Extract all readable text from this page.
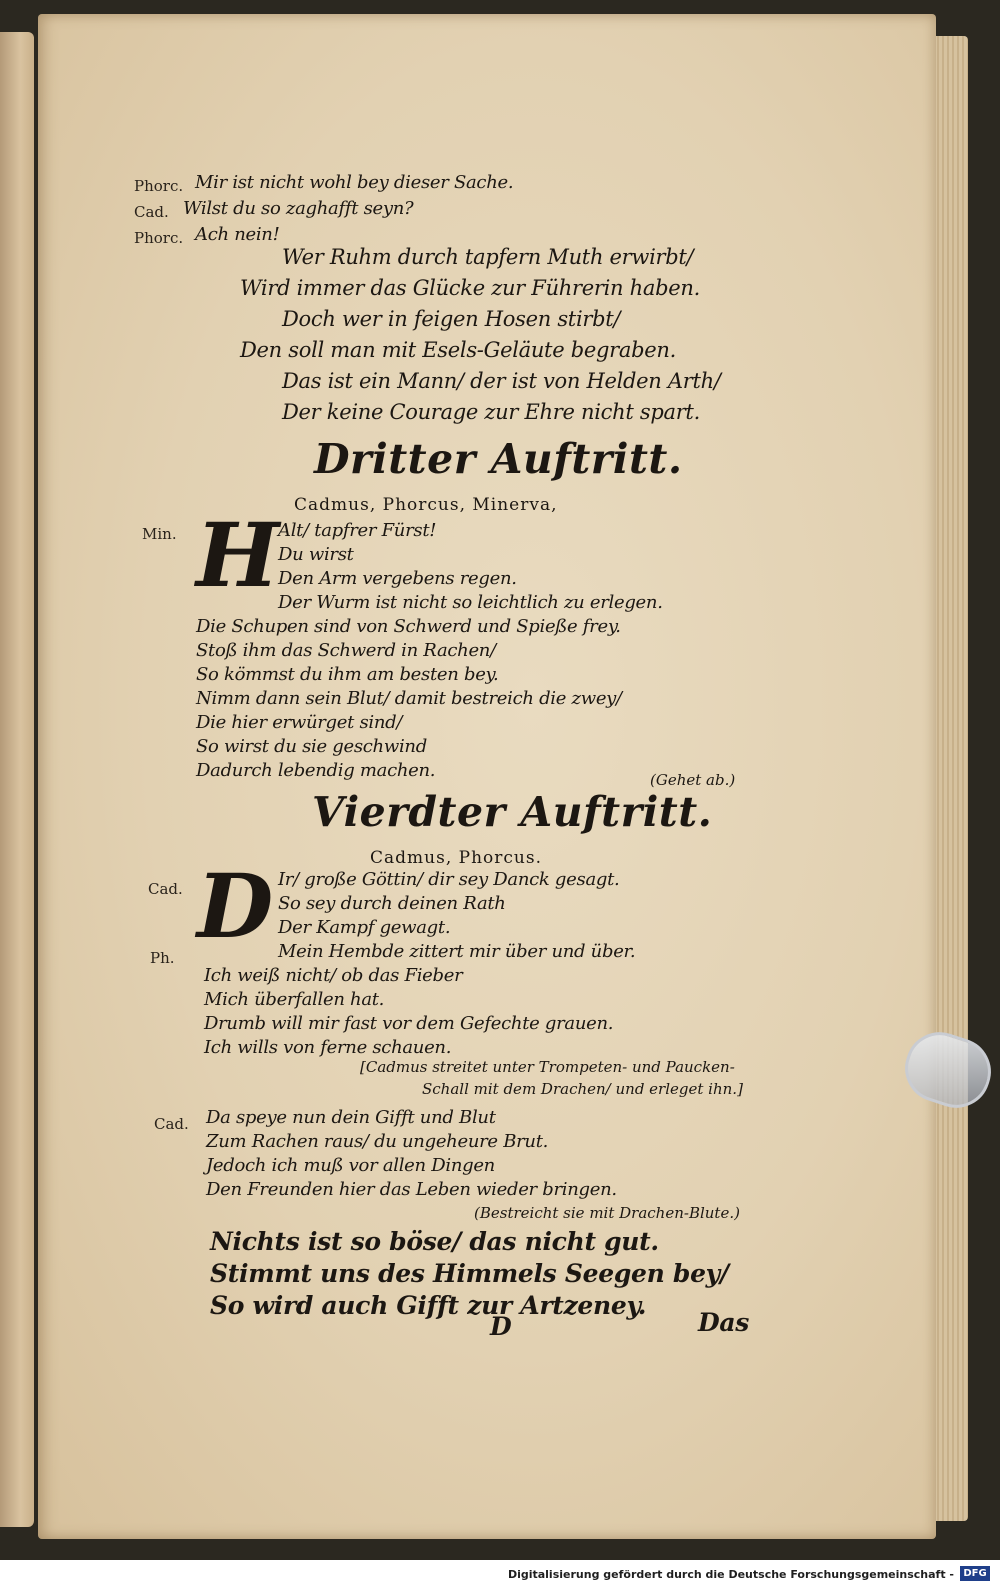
Phorc. Mir ist nicht wohl bey dieser Sache.
Cad. Wilst du so zaghafft seyn?
Phorc. Ach nein!
Wer Ruhm durch tapfern Muth erwirbt/
Wird immer das Glücke zur Führerin haben.
Doch wer in feigen Hosen stirbt/
Den soll man mit Esels-Geläute begraben.
Das ist ein Mann/ der ist von Helden Arth/
Der keine Courage zur Ehre nicht spart.
Dritter Auftritt.
Cadmus, Phorcus, Minerva,
Min. H
Alt/ tapfrer Fürst!
Du wirst
Den Arm vergebens regen.
Der Wurm ist nicht so leichtlich zu erlegen.
Die Schupen sind von Schwerd und Spieße frey.
Stoß ihm das Schwerd in Rachen/
So kömmst du ihm am besten bey.
Nimm dann sein Blut/ damit bestreich die zwey/
Die hier erwürget sind/
So wirst du sie geschwind
Dadurch lebendig machen.	(Gehet ab.)
Vierdter Auftritt.
Cadmus, Phorcus.
Cad. D Ir/ große Göttin/ dir sey Danck gesagt.
So sey durch deinen Rath
Der Kampf gewagt.
Ph.	Mein Hembde zittert mir über und über.
Ich weiß nicht/ ob das Fieber
Mich überfallen hat.
Drumb will mir fast vor dem Gefechte grauen.
Ich wills von ferne schauen.
[Cadmus streitet unter Trompeten- und Paucken-
Schall mit dem Drachen/ und erleget ihn.]
Cad. Da speye nun dein Gifft und Blut
Zum Rachen raus/ du ungeheure Brut.
Jedoch ich muß vor allen Dingen
Den Freunden hier das Leben wieder bringen.
(Bestreicht sie mit Drachen-Blute.)
Nichts ist so böse/ das nicht gut.
Stimmt uns des Himmels Seegen bey/
So wird auch Gifft zur Artzeney.
D	Das
Digitalisierung gefördert durch die Deutsche Forschungsgemeinschaft - DFG
